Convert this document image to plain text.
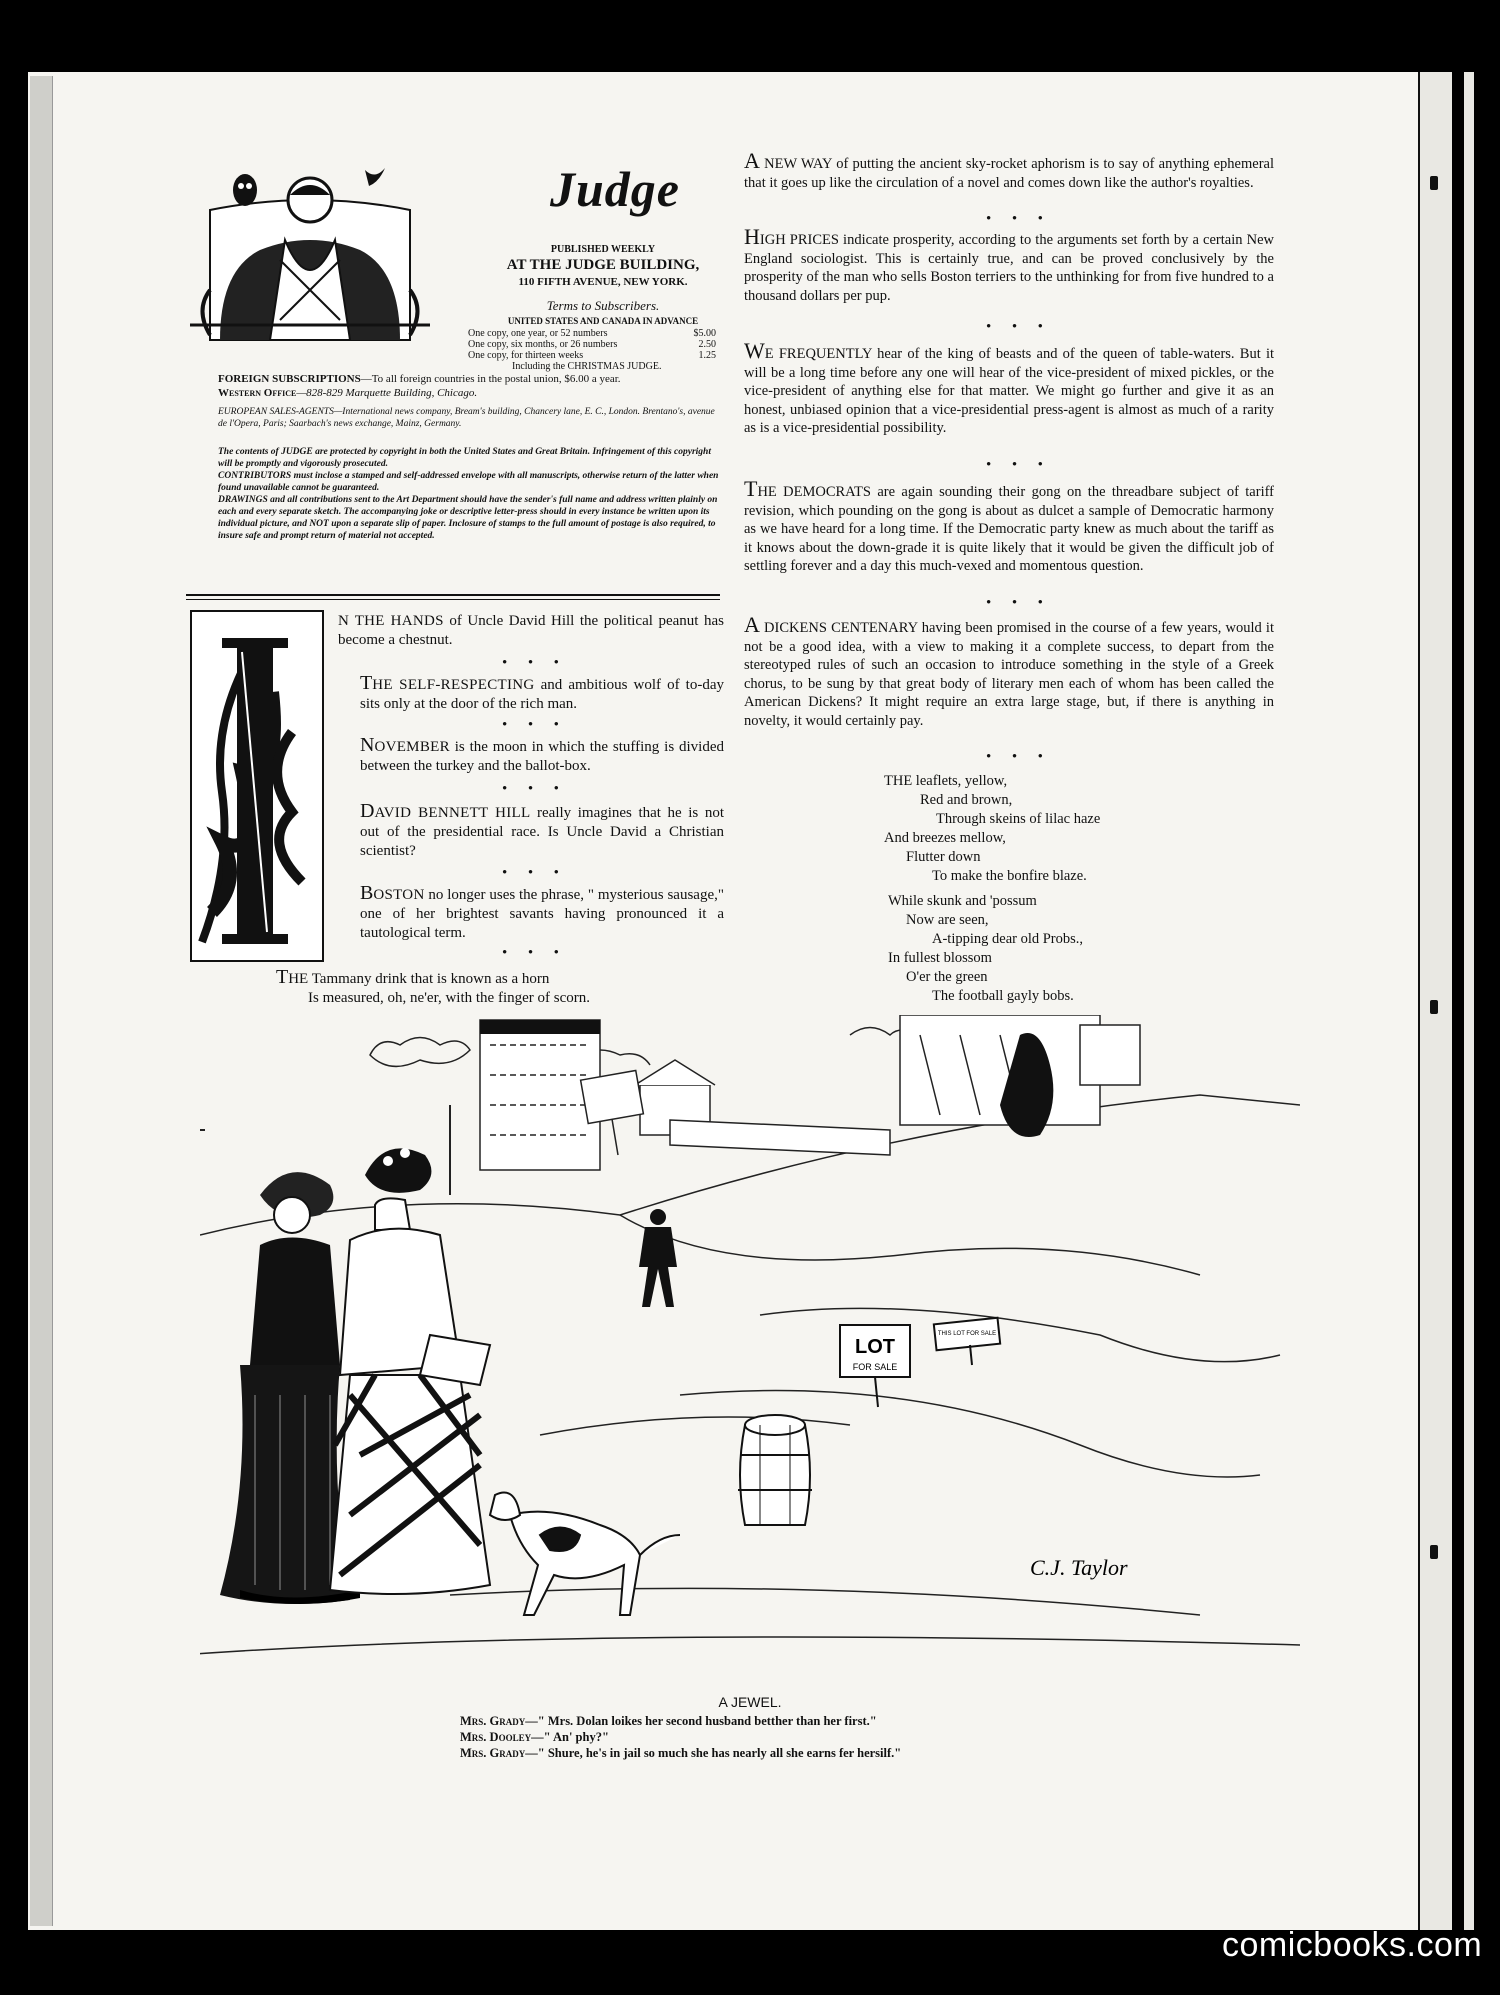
Judge
PUBLISHED WEEKLY
AT THE JUDGE BUILDING,
110 FIFTH AVENUE, NEW YORK.
Terms to Subscribers.
UNITED STATES AND CANADA IN ADVANCE
One copy, one year, or 52 numbers	$5.00
One copy, six months, or 26 numbers	2.50
One copy, for thirteen weeks	1.25
Including the CHRISTMAS JUDGE.
FOREIGN SUBSCRIPTIONS—To all foreign countries in the postal union, $6.00 a year.
Western Office—828-829 Marquette Building, Chicago.
EUROPEAN SALES-AGENTS—International news company, Bream's building, Chancery lane, E. C., London. Brentano's, avenue de l'Opera, Paris; Saarbach's news exchange, Mainz, Germany.
The contents of JUDGE are protected by copyright in both the United States and Great Britain. Infringement of this copyright will be promptly and vigorously prosecuted.
CONTRIBUTORS must inclose a stamped and self-addressed envelope with all manuscripts, otherwise return of the latter when found unavailable cannot be guaranteed.
DRAWINGS and all contributions sent to the Art Department should have the sender's full name and address written plainly on each and every separate sketch. The accompanying joke or descriptive letter-press should in every instance be written upon its individual picture, and NOT upon a separate slip of paper. Inclosure of stamps to the full amount of postage is also required, to insure safe and prompt return of material not accepted.
N THE HANDS of Uncle David Hill the political peanut has become a chestnut.
• • •
THE SELF-RESPECTING and ambitious wolf of to-day sits only at the door of the rich man.
• • •
NOVEMBER is the moon in which the stuffing is divided between the turkey and the ballot-box.
• • •
DAVID BENNETT HILL really imagines that he is not out of the presidential race. Is Uncle David a Christian scientist?
• • •
BOSTON no longer uses the phrase, " mysterious sausage," one of her brightest savants having pronounced it a tautological term.
• • •
THE Tammany drink that is known as a horn

Is measured, oh, ne'er, with the finger of scorn.
A NEW WAY of putting the ancient sky-rocket aphorism is to say of anything ephemeral that it goes up like the circulation of a novel and comes down like the author's royalties.
• • •
HIGH PRICES indicate prosperity, according to the arguments set forth by a certain New England sociologist. This is certainly true, and can be proved conclusively by the prosperity of the man who sells Boston terriers to the unthinking for from five hundred to a thousand dollars per pup.
• • •
WE FREQUENTLY hear of the king of beasts and of the queen of table-waters. But it will be a long time before any one will hear of the vice-president of mixed pickles, or the vice-president of anything else for that matter. We might go further and give it as an honest, unbiased opinion that a vice-presidential press-agent is almost as much of a rarity as is a vice-presidential possibility.
• • •
THE DEMOCRATS are again sounding their gong on the threadbare subject of tariff revision, which pounding on the gong is about as dulcet a sample of Democratic harmony as we have heard for a long time. If the Democratic party knew as much about the tariff as it knows about the down-grade it is quite likely that it would be given the difficult job of settling forever and a day this much-vexed and momentous question.
• • •
A DICKENS CENTENARY having been promised in the course of a few years, would it not be a good idea, with a view to making it a complete success, to depart from the stereotyped rules of such an occasion to introduce something in the style of a Greek chorus, to be sung by that great body of literary men each of whom has been called the American Dickens? It might require an extra large stage, but, if there is anything in novelty, it would certainly pay.
• • •
THE leaflets, yellow,
Red and brown,
Through skeins of lilac haze
And breezes mellow,
Flutter down
To make the bonfire blaze.
While skunk and 'possum
Now are seen,
A-tipping dear old Probs.,
In fullest blossom
O'er the green
The football gayly bobs.
LOT
FOR SALE
THIS LOT FOR SALE
C.J. Taylor
A JEWEL.
Mrs. Grady—" Mrs. Dolan loikes her second husband betther than her first."
Mrs. Dooley—" An' phy?"
Mrs. Grady—" Shure, he's in jail so much she has nearly all she earns fer hersilf."
comicbooks.com
